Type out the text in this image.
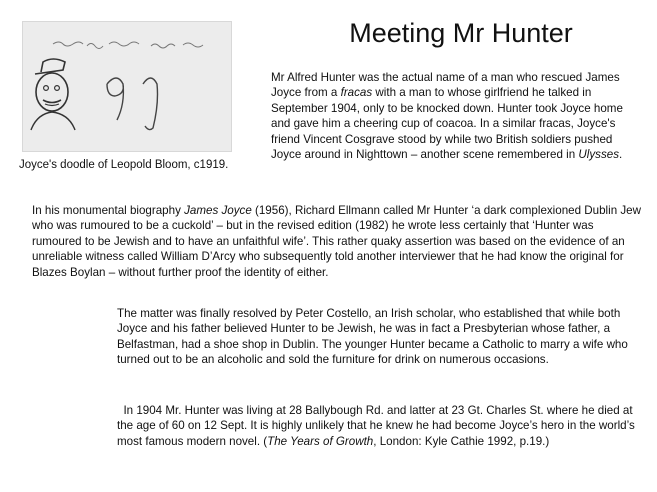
Joyce's doodle of Leopold Bloom, c1919.
Meeting Mr Hunter

Mr Alfred Hunter was the actual name of a man who rescued James Joyce from a fracas with a man to whose girlfriend he talked in September 1904, only to be knocked down. Hunter took Joyce home and gave him a cheering cup of coacoa. In a similar fracas, Joyce's friend Vincent Cosgrave stood by while two British soldiers pushed Joyce around in Nighttown – another scene remembered in Ulysses.

In his monumental biography James Joyce (1956), Richard Ellmann called Mr Hunter ‘a dark complexioned Dublin Jew who was rumoured to be a cuckold’ – but in the revised edition (1982) he wrote less certainly that ‘Hunter was rumoured to be Jewish and to have an unfaithful wife’. This rather quaky assertion was based on the evidence of an unreliable witness called William D’Arcy who subsequently told another interviewer that he had know the original for Blazes Boylan – without further proof the identity of either.

The matter was finally resolved by Peter Costello, an Irish scholar, who established that while both Joyce and his father believed Hunter to be Jewish, he was in fact a Presbyterian whose father, a Belfastman, had a shoe shop in Dublin. The younger Hunter became a Catholic to marry a wife who turned out to be an alcoholic and sold the furniture for drink on numerous occasions.

In 1904 Mr. Hunter was living at 28 Ballybough Rd. and latter at 23 Gt. Charles St. where he died at the age of 60 on 12 Sept. It is highly unlikely that he knew he had become Joyce’s hero in the world’s most famous modern novel. (The Years of Growth, London: Kyle Cathie 1992, p.19.)
